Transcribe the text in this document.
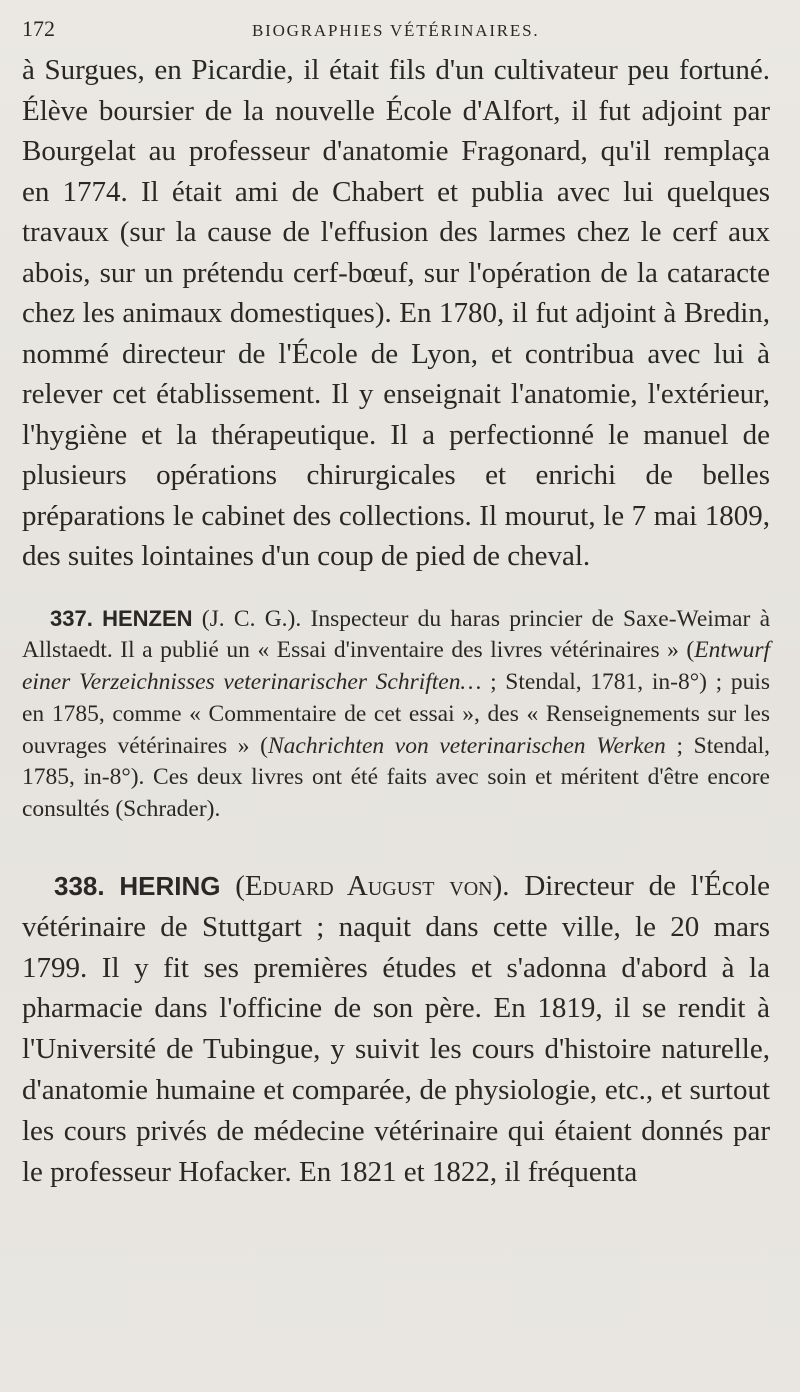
172	BIOGRAPHIES VÉTÉRINAIRES.

à Surgues, en Picardie, il était fils d'un cultivateur peu fortuné. Élève boursier de la nouvelle École d'Alfort, il fut adjoint par Bourgelat au professeur d'anatomie Fragonard, qu'il remplaça en 1774. Il était ami de Chabert et publia avec lui quelques travaux (sur la cause de l'effusion des larmes chez le cerf aux abois, sur un prétendu cerf-bœuf, sur l'opération de la cataracte chez les animaux domestiques). En 1780, il fut adjoint à Bredin, nommé directeur de l'École de Lyon, et contribua avec lui à relever cet établissement. Il y enseignait l'anatomie, l'extérieur, l'hygiène et la thérapeutique. Il a perfectionné le manuel de plusieurs opérations chirurgicales et enrichi de belles préparations le cabinet des collections. Il mourut, le 7 mai 1809, des suites lointaines d'un coup de pied de cheval.

337. HENZEN (J. C. G.). Inspecteur du haras princier de Saxe-Weimar à Allstaedt. Il a publié un « Essai d'inventaire des livres vétérinaires » (Entwurf einer Verzeichnisses veterinarischer Schriften… ; Stendal, 1781, in-8°) ; puis en 1785, comme « Commentaire de cet essai », des « Renseignements sur les ouvrages vétérinaires » (Nachrichten von veterinarischen Werken ; Stendal, 1785, in-8°). Ces deux livres ont été faits avec soin et méritent d'être encore consultés (Schrader).

338. HERING (Eduard August von). Directeur de l'École vétérinaire de Stuttgart ; naquit dans cette ville, le 20 mars 1799. Il y fit ses premières études et s'adonna d'abord à la pharmacie dans l'officine de son père. En 1819, il se rendit à l'Université de Tubingue, y suivit les cours d'histoire naturelle, d'anatomie humaine et comparée, de physiologie, etc., et surtout les cours privés de médecine vétérinaire qui étaient donnés par le professeur Hofacker. En 1821 et 1822, il fréquenta
